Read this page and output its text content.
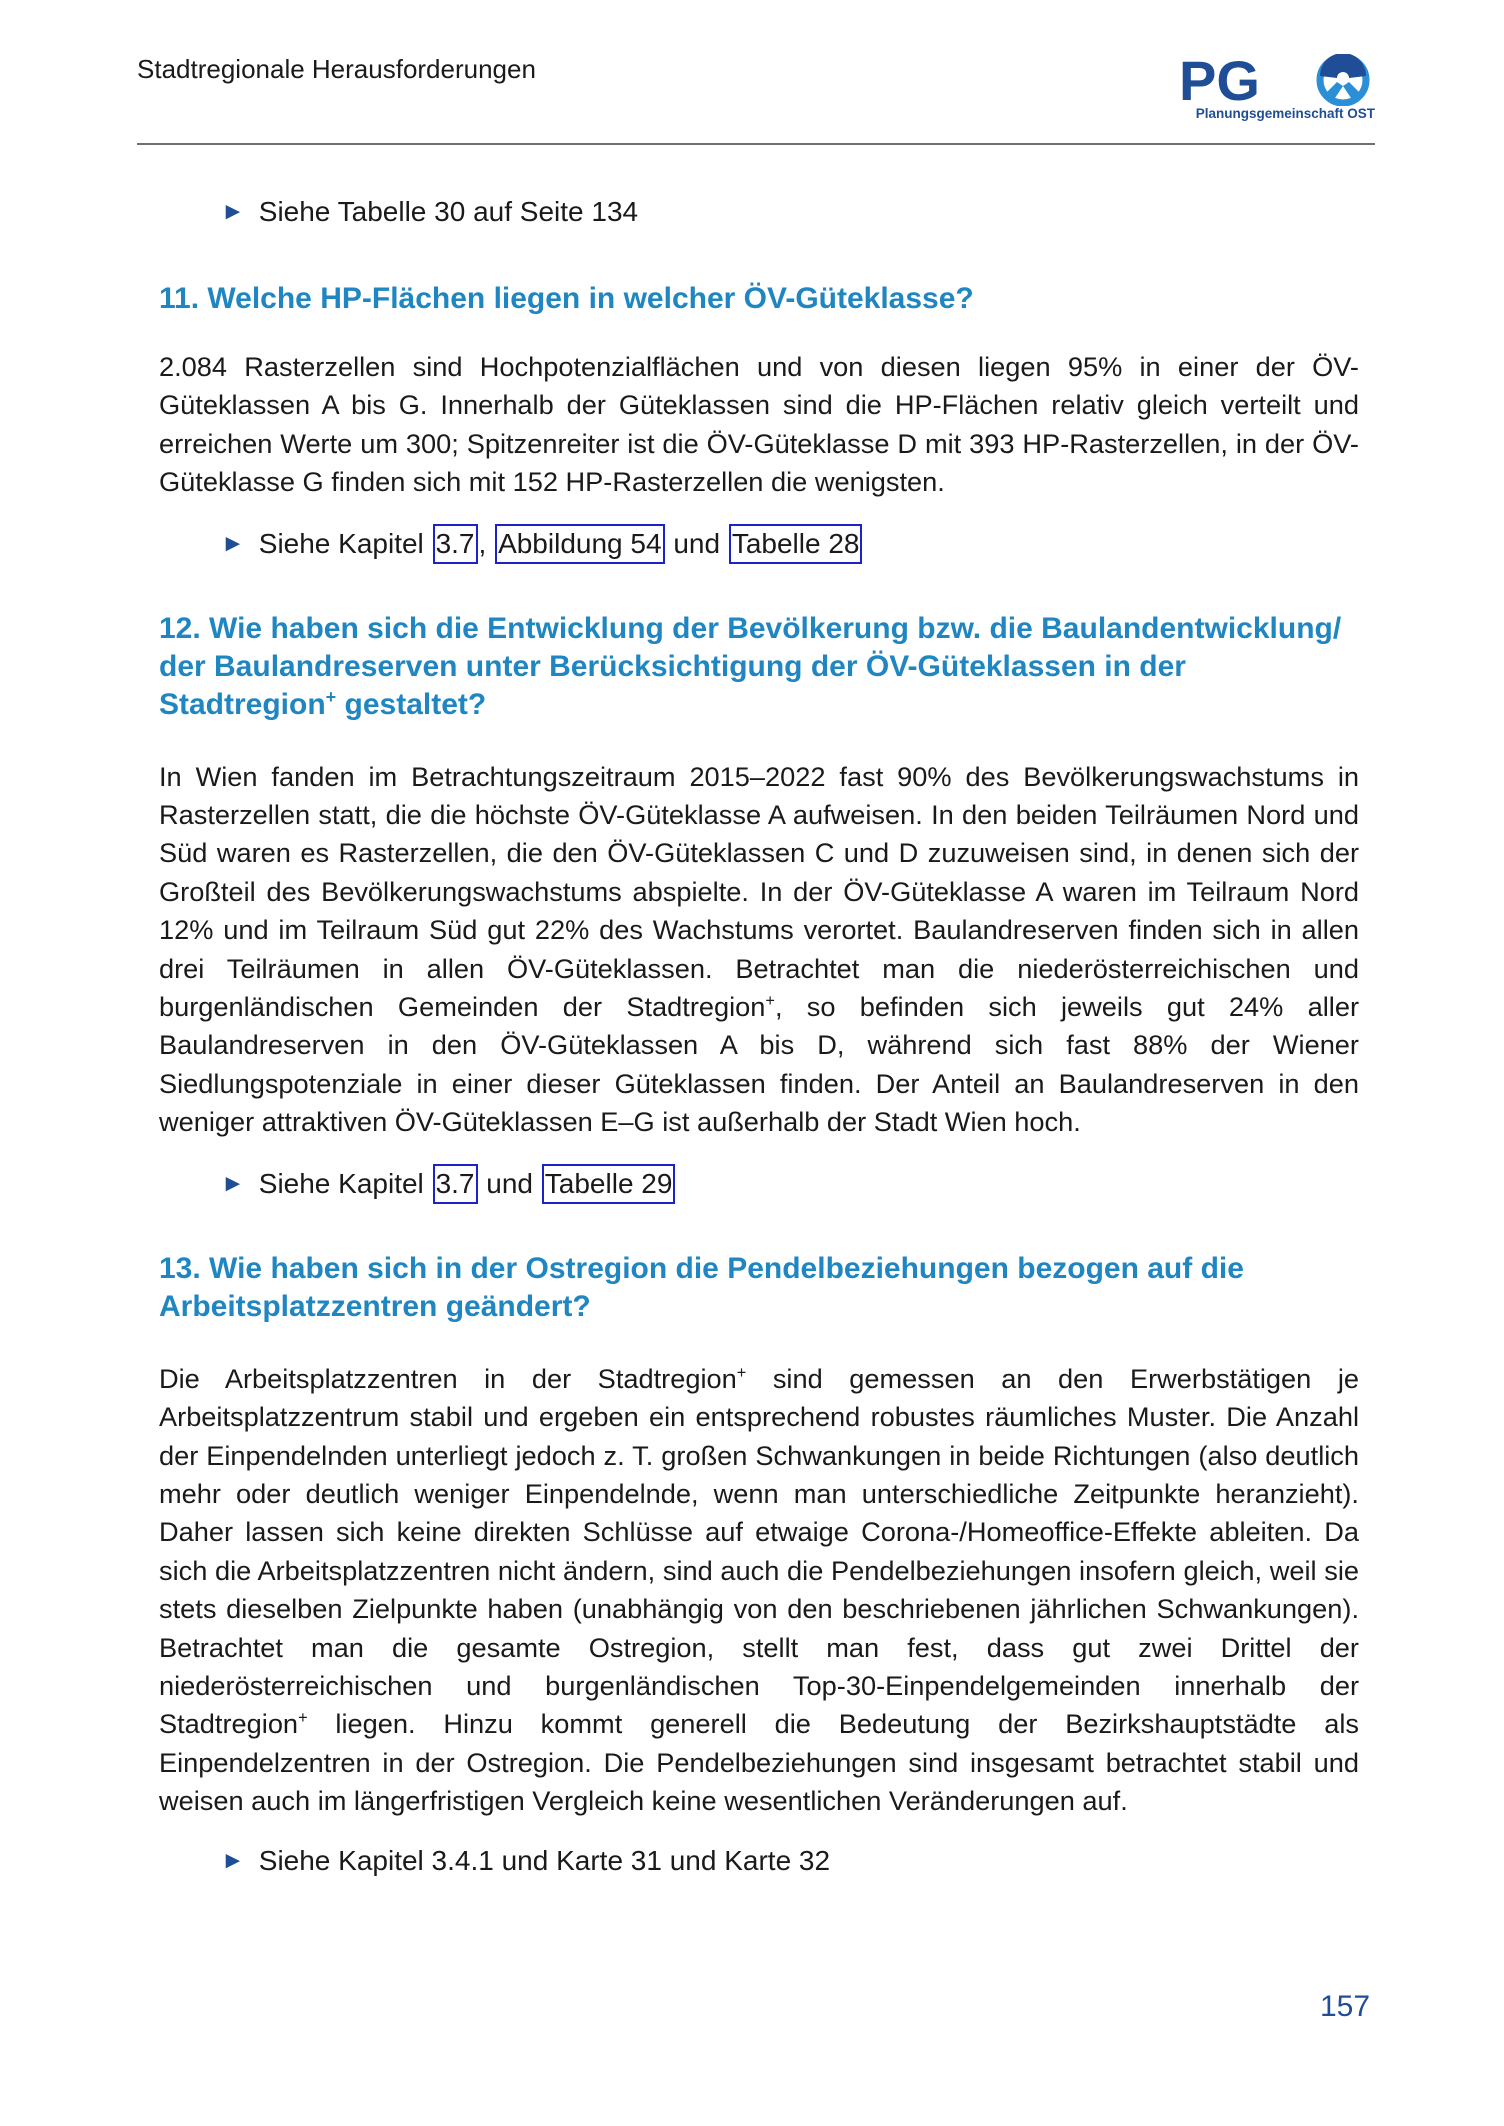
Stadtregionale Herausforderungen	PG
Planungsgemeinschaft OST
► Siehe Tabelle 30 auf Seite 134
11. Welche HP-Flächen liegen in welcher ÖV-Güteklasse?

2.084 Rasterzellen sind Hochpotenzialflächen und von diesen liegen 95% in einer der ÖV-Güteklassen A bis G. Innerhalb der Güteklassen sind die HP-Flächen relativ gleich verteilt und erreichen Werte um 300; Spitzenreiter ist die ÖV-Güteklasse D mit 393 HP-Rasterzellen, in der ÖV-Güteklasse G finden sich mit 152 HP-Rasterzellen die wenigsten.

► Siehe Kapitel 3.7 , Abbildung 54 und Tabelle 28
12. Wie haben sich die Entwicklung der Bevölkerung bzw. die Baulandentwicklung/ der Baulandreserven unter Berücksichtigung der ÖV-Güteklassen in der Stadtregion+ gestaltet?

In Wien fanden im Betrachtungszeitraum 2015–2022 fast 90% des Bevölkerungswachstums in Rasterzellen statt, die die höchste ÖV-Güteklasse A aufweisen. In den beiden Teilräumen Nord und Süd waren es Rasterzellen, die den ÖV-Güteklassen C und D zuzuweisen sind, in denen sich der Großteil des Bevölkerungswachstums abspielte. In der ÖV-Güteklasse A waren im Teilraum Nord 12% und im Teilraum Süd gut 22% des Wachstums verortet. Baulandreserven finden sich in allen drei Teilräumen in allen ÖV-Güteklassen. Betrachtet man die niederösterreichischen und burgenländischen Gemeinden der Stadtregion+, so befinden sich jeweils gut 24% aller Baulandreserven in den ÖV-Güteklassen A bis D, während sich fast 88% der Wiener Siedlungspotenziale in einer dieser Güteklassen finden. Der Anteil an Baulandreserven in den weniger attraktiven ÖV-Güteklassen E–G ist außerhalb der Stadt Wien hoch.

► Siehe Kapitel 3.7 und Tabelle 29
13. Wie haben sich in der Ostregion die Pendelbeziehungen bezogen auf die Arbeitsplatzzentren geändert?

Die Arbeitsplatzzentren in der Stadtregion+ sind gemessen an den Erwerbstätigen je Arbeitsplatzzentrum stabil und ergeben ein entsprechend robustes räumliches Muster. Die Anzahl der Einpendelnden unterliegt jedoch z. T. großen Schwankungen in beide Richtungen (also deutlich mehr oder deutlich weniger Einpendelnde, wenn man unterschiedliche Zeitpunkte heranzieht). Daher lassen sich keine direkten Schlüsse auf etwaige Corona-/Homeoffice-Effekte ableiten. Da sich die Arbeitsplatzzentren nicht ändern, sind auch die Pendelbeziehungen insofern gleich, weil sie stets dieselben Zielpunkte haben (unabhängig von den beschriebenen jährlichen Schwankungen). Betrachtet man die gesamte Ostregion, stellt man fest, dass gut zwei Drittel der niederösterreichischen und burgenländischen Top-30-Einpendelgemeinden innerhalb der Stadtregion+ liegen. Hinzu kommt generell die Bedeutung der Bezirkshauptstädte als Einpendelzentren in der Ostregion. Die Pendelbeziehungen sind insgesamt betrachtet stabil und weisen auch im längerfristigen Vergleich keine wesentlichen Veränderungen auf.

► Siehe Kapitel 3.4.1 und Karte 31 und Karte 32
157
